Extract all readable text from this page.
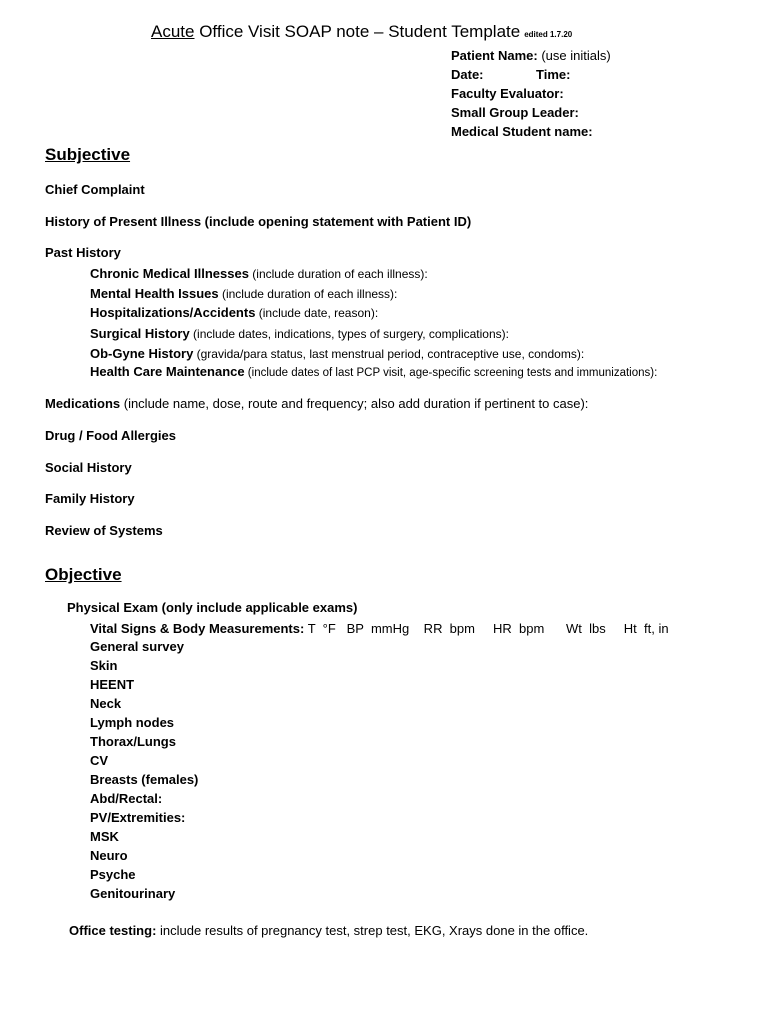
Acute Office Visit SOAP note – Student Template edited 1.7.20
Patient Name: (use initials)
Date:	Time:
Faculty Evaluator:
Small Group Leader:
Medical Student name:
Subjective
Chief Complaint
History of Present Illness (include opening statement with Patient ID)
Past History
Chronic Medical Illnesses (include duration of each illness):
Mental Health Issues (include duration of each illness):
Hospitalizations/Accidents (include date, reason):
Surgical History (include dates, indications, types of surgery, complications):
Ob-Gyne History (gravida/para status, last menstrual period, contraceptive use, condoms):
Health Care Maintenance (include dates of last PCP visit, age-specific screening tests and immunizations):
Medications (include name, dose, route and frequency; also add duration if pertinent to case):
Drug / Food Allergies
Social History
Family History
Review of Systems
Objective
Physical Exam (only include applicable exams)
Vital Signs & Body Measurements: T  °F   BP  mmHg    RR  bpm     HR  bpm      Wt  lbs     Ht  ft, in
General survey
Skin
HEENT
Neck
Lymph nodes
Thorax/Lungs
CV
Breasts (females)
Abd/Rectal:
PV/Extremities:
MSK
Neuro
Psyche
Genitourinary
Office testing: include results of pregnancy test, strep test, EKG, Xrays done in the office.
